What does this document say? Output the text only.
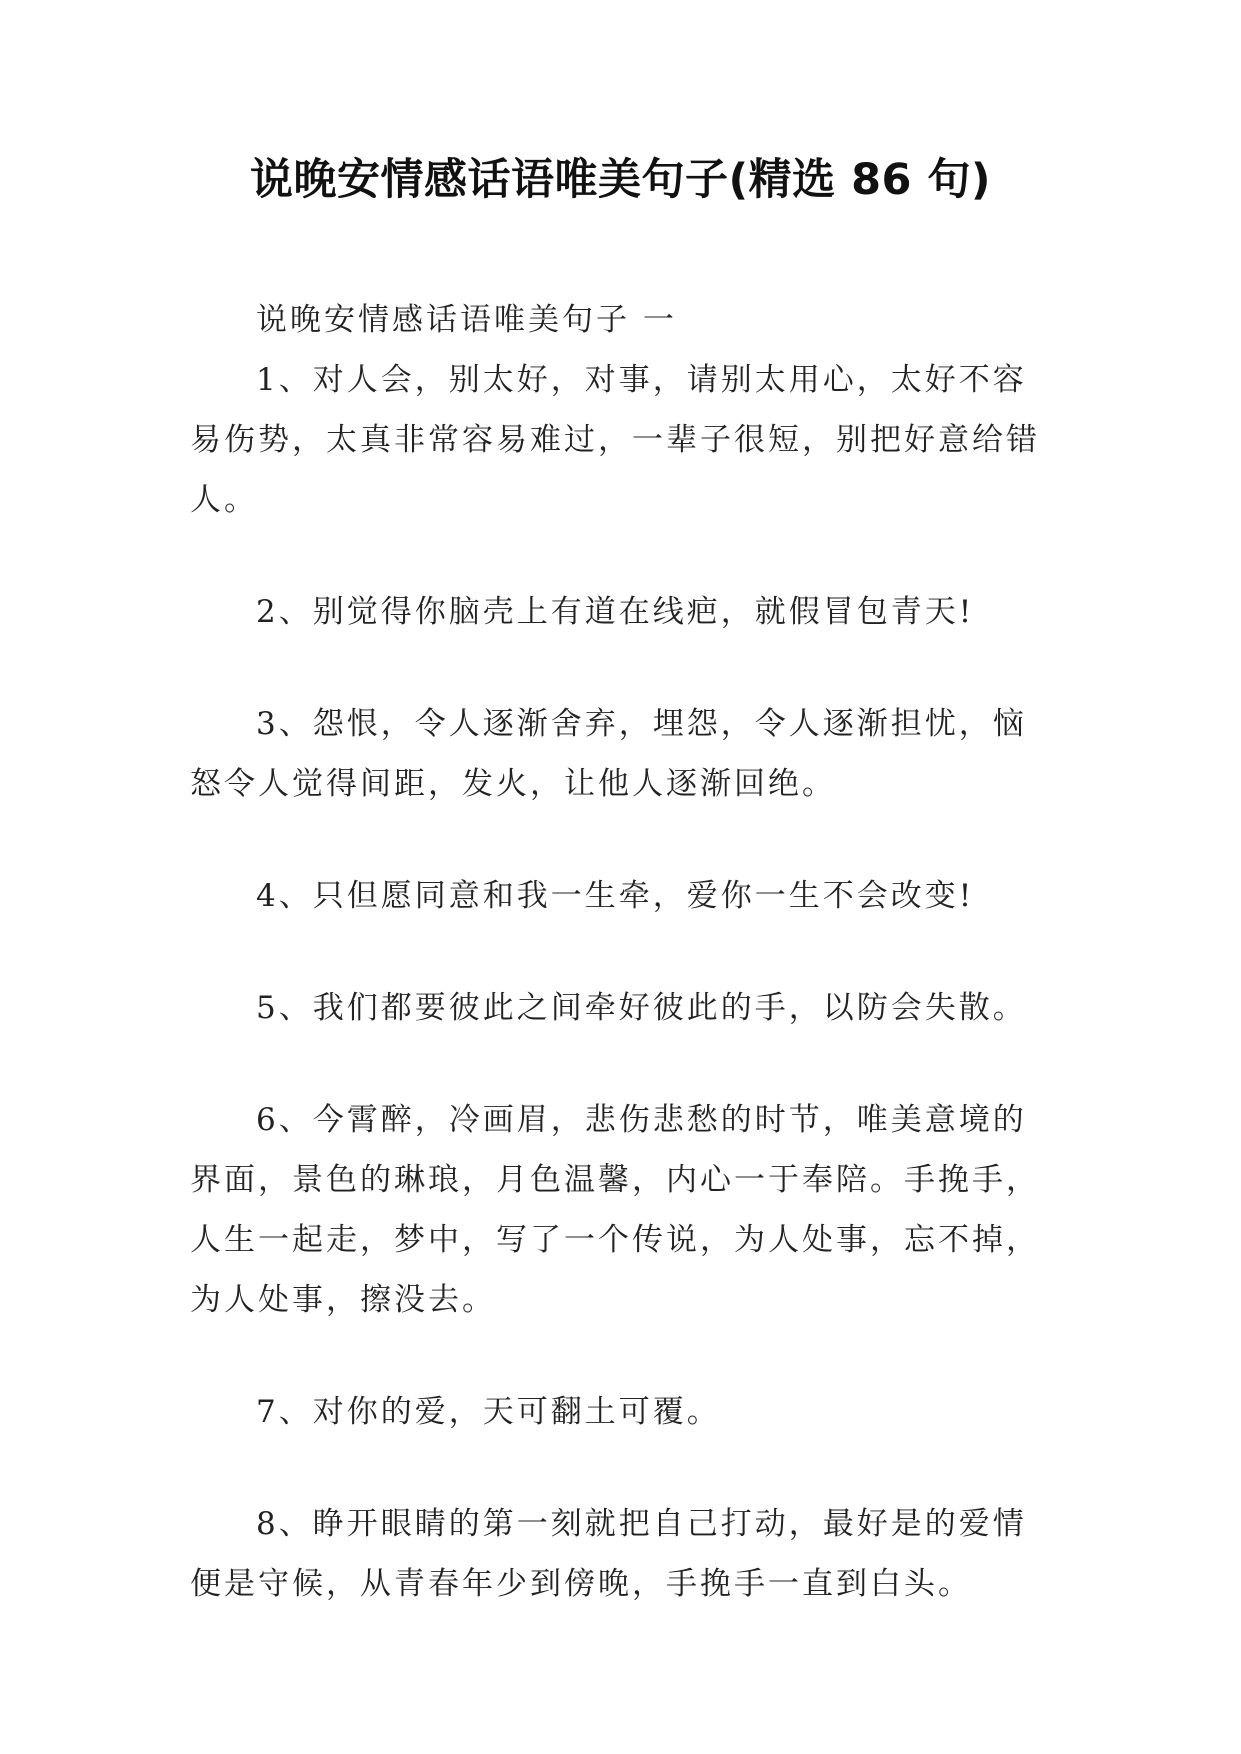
说晚安情感话语唯美句子(精选 86 句)

说晚安情感话语唯美句子 一

1、对人会，别太好，对事，请别太用心，太好不容易伤势，太真非常容易难过，一辈子很短，别把好意给错人。

2、别觉得你脑壳上有道在线疤，就假冒包青天!

3、怨恨，令人逐渐舍弃，埋怨，令人逐渐担忧，恼怒令人觉得间距，发火，让他人逐渐回绝。

4、只但愿同意和我一生牵，爱你一生不会改变!

5、我们都要彼此之间牵好彼此的手，以防会失散。

6、今霄醉，冷画眉，悲伤悲愁的时节，唯美意境的界面，景色的琳琅，月色温馨，内心一于奉陪。手挽手，人生一起走，梦中，写了一个传说，为人处事，忘不掉，为人处事，擦没去。

7、对你的爱，天可翻土可覆。

8、睁开眼睛的第一刻就把自己打动，最好是的爱情便是守候，从青春年少到傍晚，手挽手一直到白头。
